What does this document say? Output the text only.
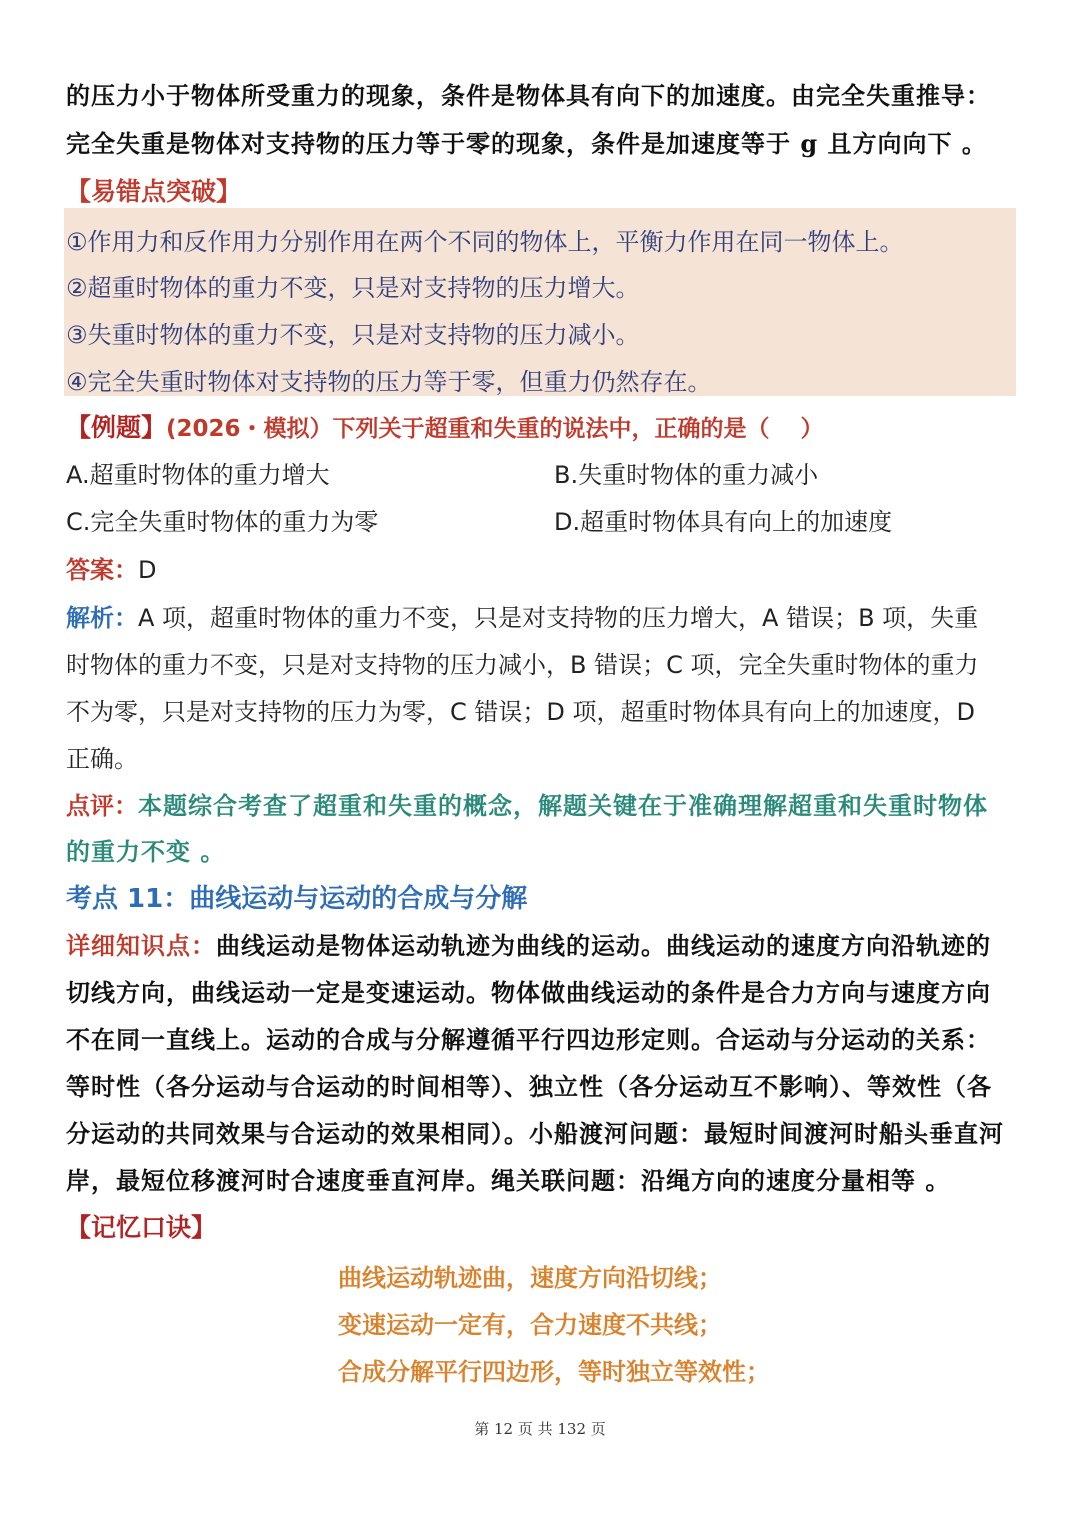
的压力小于物体所受重力的现象，条件是物体具有向下的加速度。由完全失重推导：
完全失重是物体对支持物的压力等于零的现象，条件是加速度等于 g 且方向向下 。
【易错点突破】
①作用力和反作用力分别作用在两个不同的物体上，平衡力作用在同一物体上。
②超重时物体的重力不变，只是对支持物的压力增大。
③失重时物体的重力不变，只是对支持物的压力减小。
④完全失重时物体对支持物的压力等于零，但重力仍然存在。
【例题】(2026・模拟）下列关于超重和失重的说法中，正确的是（　 ）
A.超重时物体的重力增大	B.失重时物体的重力减小
C.完全失重时物体的重力为零	D.超重时物体具有向上的加速度
答案：D
解析：A 项，超重时物体的重力不变，只是对支持物的压力增大，A 错误；B 项，失重
时物体的重力不变，只是对支持物的压力减小，B 错误；C 项，完全失重时物体的重力
不为零，只是对支持物的压力为零，C 错误；D 项，超重时物体具有向上的加速度，D
正确。
点评：本题综合考查了超重和失重的概念，解题关键在于准确理解超重和失重时物体
的重力不变 。
考点 11：曲线运动与运动的合成与分解
详细知识点：曲线运动是物体运动轨迹为曲线的运动。曲线运动的速度方向沿轨迹的
切线方向，曲线运动一定是变速运动。物体做曲线运动的条件是合力方向与速度方向
不在同一直线上。运动的合成与分解遵循平行四边形定则。合运动与分运动的关系：
等时性（各分运动与合运动的时间相等）、独立性（各分运动互不影响）、等效性（各
分运动的共同效果与合运动的效果相同）。小船渡河问题：最短时间渡河时船头垂直河
岸，最短位移渡河时合速度垂直河岸。绳关联问题：沿绳方向的速度分量相等 。
【记忆口诀】
曲线运动轨迹曲，速度方向沿切线；
变速运动一定有，合力速度不共线；
合成分解平行四边形，等时独立等效性；
第 12 页 共 132 页
